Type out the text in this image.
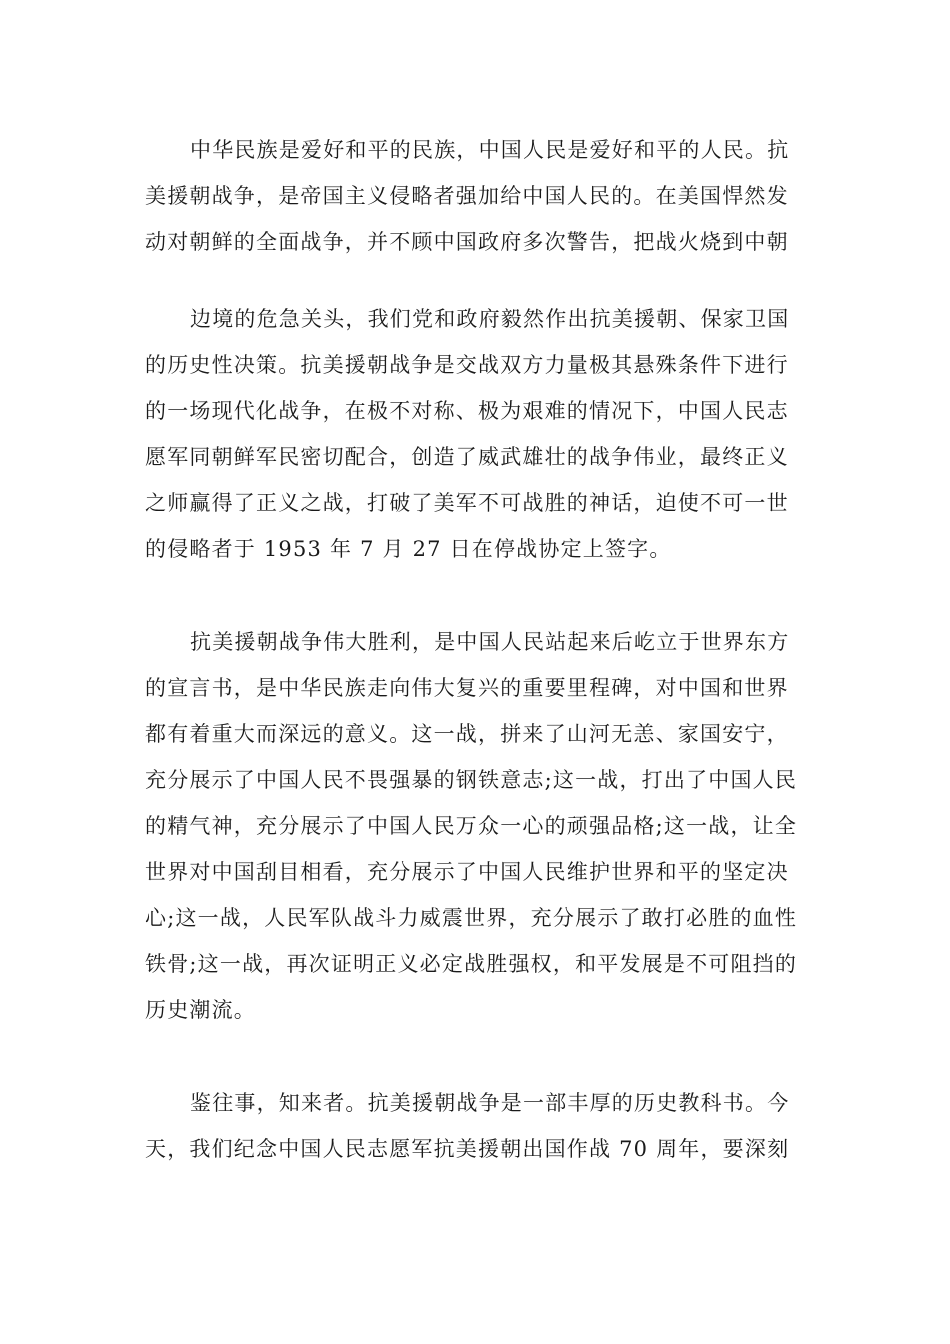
中华民族是爱好和平的民族，中国人民是爱好和平的人民。抗
美援朝战争，是帝国主义侵略者强加给中国人民的。在美国悍然发
动对朝鲜的全面战争，并不顾中国政府多次警告，把战火烧到中朝
边境的危急关头，我们党和政府毅然作出抗美援朝、保家卫国
的历史性决策。抗美援朝战争是交战双方力量极其悬殊条件下进行
的一场现代化战争，在极不对称、极为艰难的情况下，中国人民志
愿军同朝鲜军民密切配合，创造了威武雄壮的战争伟业，最终正义
之师赢得了正义之战，打破了美军不可战胜的神话，迫使不可一世
的侵略者于 1953 年 7 月 27 日在停战协定上签字。
抗美援朝战争伟大胜利，是中国人民站起来后屹立于世界东方
的宣言书，是中华民族走向伟大复兴的重要里程碑，对中国和世界
都有着重大而深远的意义。这一战，拼来了山河无恙、家国安宁，
充分展示了中国人民不畏强暴的钢铁意志;这一战，打出了中国人民
的精气神，充分展示了中国人民万众一心的顽强品格;这一战，让全
世界对中国刮目相看，充分展示了中国人民维护世界和平的坚定决
心;这一战，人民军队战斗力威震世界，充分展示了敢打必胜的血性
铁骨;这一战，再次证明正义必定战胜强权，和平发展是不可阻挡的
历史潮流。
鉴往事，知来者。抗美援朝战争是一部丰厚的历史教科书。今
天，我们纪念中国人民志愿军抗美援朝出国作战 70 周年，要深刻
